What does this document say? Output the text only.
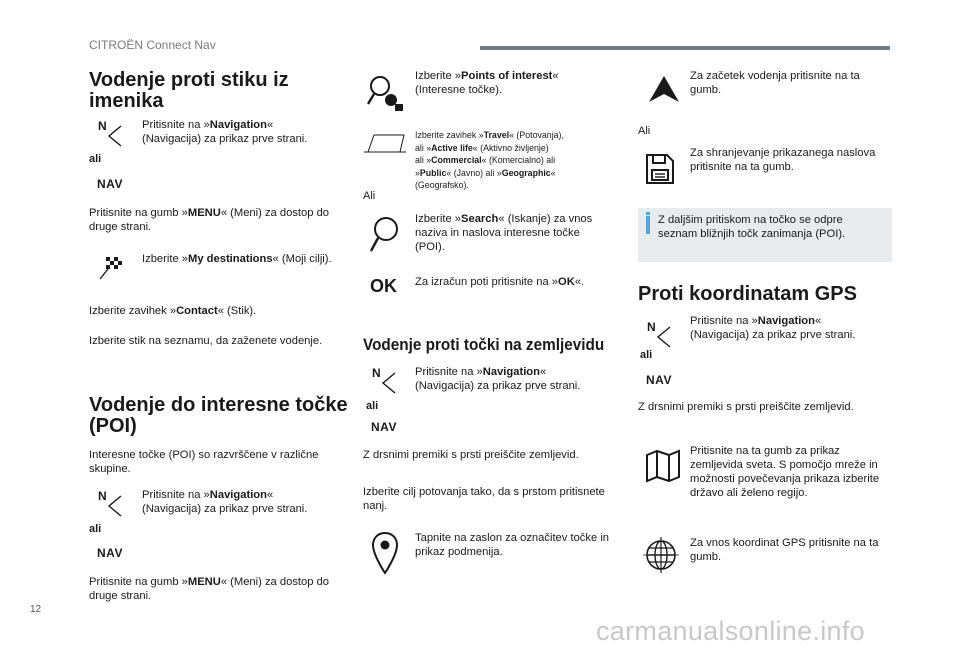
CITROËN Connect Nav
Vodenje proti stiku iz imenika
N
ali
NAV
Pritisnite na »Navigation« (Navigacija) za prikaz prve strani.
Pritisnite na gumb »MENU« (Meni) za dostop do druge strani.
Izberite »My destinations« (Moji cilji).
Izberite zavihek »Contact« (Stik).
Izberite stik na seznamu, da zaženete vodenje.
Vodenje do interesne točke (POI)
Interesne točke (POI) so razvrščene v različne skupine.
N
ali
NAV
Pritisnite na »Navigation« (Navigacija) za prikaz prve strani.
Pritisnite na gumb »MENU« (Meni) za dostop do druge strani.
Izberite »Points of interest« (Interesne točke).
Izberite zavihek »Travel« (Potovanja),
ali »Active life« (Aktivno življenje)
ali »Commercial« (Komercialno) ali
»Public« (Javno) ali »Geographic«
(Geografsko).
Ali
Izberite »Search« (Iskanje) za vnos naziva in naslova interesne točke (POI).
OK Za izračun poti pritisnite na »OK«.
Vodenje proti točki na zemljevidu
N
ali
NAV
Pritisnite na »Navigation« (Navigacija) za prikaz prve strani.
Z drsnimi premiki s prsti preiščite zemljevid.
Izberite cilj potovanja tako, da s prstom pritisnete nanj.
Tapnite na zaslon za označitev točke in prikaz podmenija.
Za začetek vodenja pritisnite na ta gumb.
Ali
Za shranjevanje prikazanega naslova pritisnite na ta gumb.
Z daljšim pritiskom na točko se odpre seznam bližnjih točk zanimanja (POI).
Proti koordinatam GPS
N
ali
NAV
Pritisnite na »Navigation« (Navigacija) za prikaz prve strani.
Z drsnimi premiki s prsti preiščite zemljevid.
Pritisnite na ta gumb za prikaz zemljevida sveta. S pomočjo mreže in možnosti povečevanja prikaza izberite državo ali želeno regijo.
Za vnos koordinat GPS pritisnite na ta gumb.
12
carmanualsonline.info
